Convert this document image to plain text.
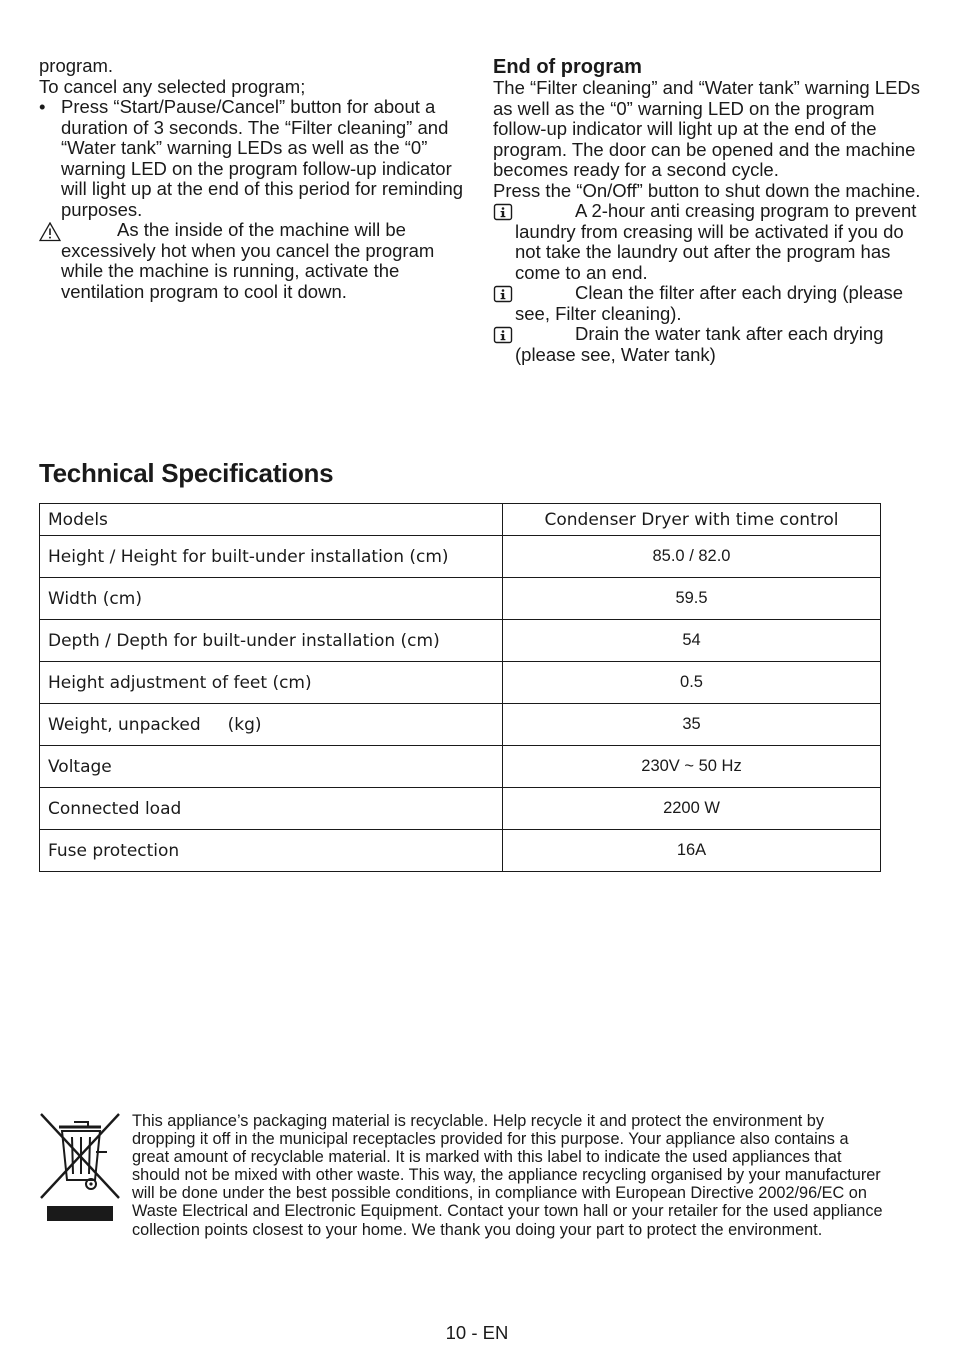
program.

To cancel any selected program;

• Press “Start/Pause/Cancel” button for about a duration of 3 seconds. The “Filter cleaning” and “Water tank” warning LEDs as well as the “0” warning LED on the program follow-up indicator will light up at the end of this period for reminding purposes.
As the inside of the machine will be excessively hot when you cancel the program while the machine is running, activate the ventilation program to cool it down.

End of program

The “Filter cleaning” and “Water tank” warning LEDs as well as the “0” warning LED on the program follow-up indicator will light up at the end of the program. The door can be opened and the machine becomes ready for a second cycle.

Press the “On/Off” button to shut down the machine.

A 2-hour anti creasing program to prevent laundry from creasing will be activated if you do not take the laundry out after the program has come to an end.
Clean the filter after each drying (please see, Filter cleaning).
Drain the water tank after each drying (please see, Water tank)
Technical Specifications
Models	Condenser Dryer with time control
Height / Height for built-under installation (cm)	85.0 / 82.0
Width (cm)	59.5
Depth / Depth for built-under installation (cm)	54
Height adjustment of feet (cm)	0.5
Weight, unpacked     (kg)	35
Voltage	230V ~ 50 Hz
Connected load	2200 W
Fuse protection	16A

This appliance’s packaging material is recyclable. Help recycle it and protect the environment by dropping it off in the municipal receptacles provided for this purpose. Your appliance also contains a great amount of recyclable material. It is marked with this label to indicate the used appliances that should not be mixed with other waste. This way, the appliance recycling organised by your manufacturer will be done under the best possible conditions, in compliance with European Directive 2002/96/EC on Waste Electrical and Electronic Equipment. Contact your town hall or your retailer for the used appliance collection points closest to your home. We thank you doing your part to protect the environment.

10 - EN
